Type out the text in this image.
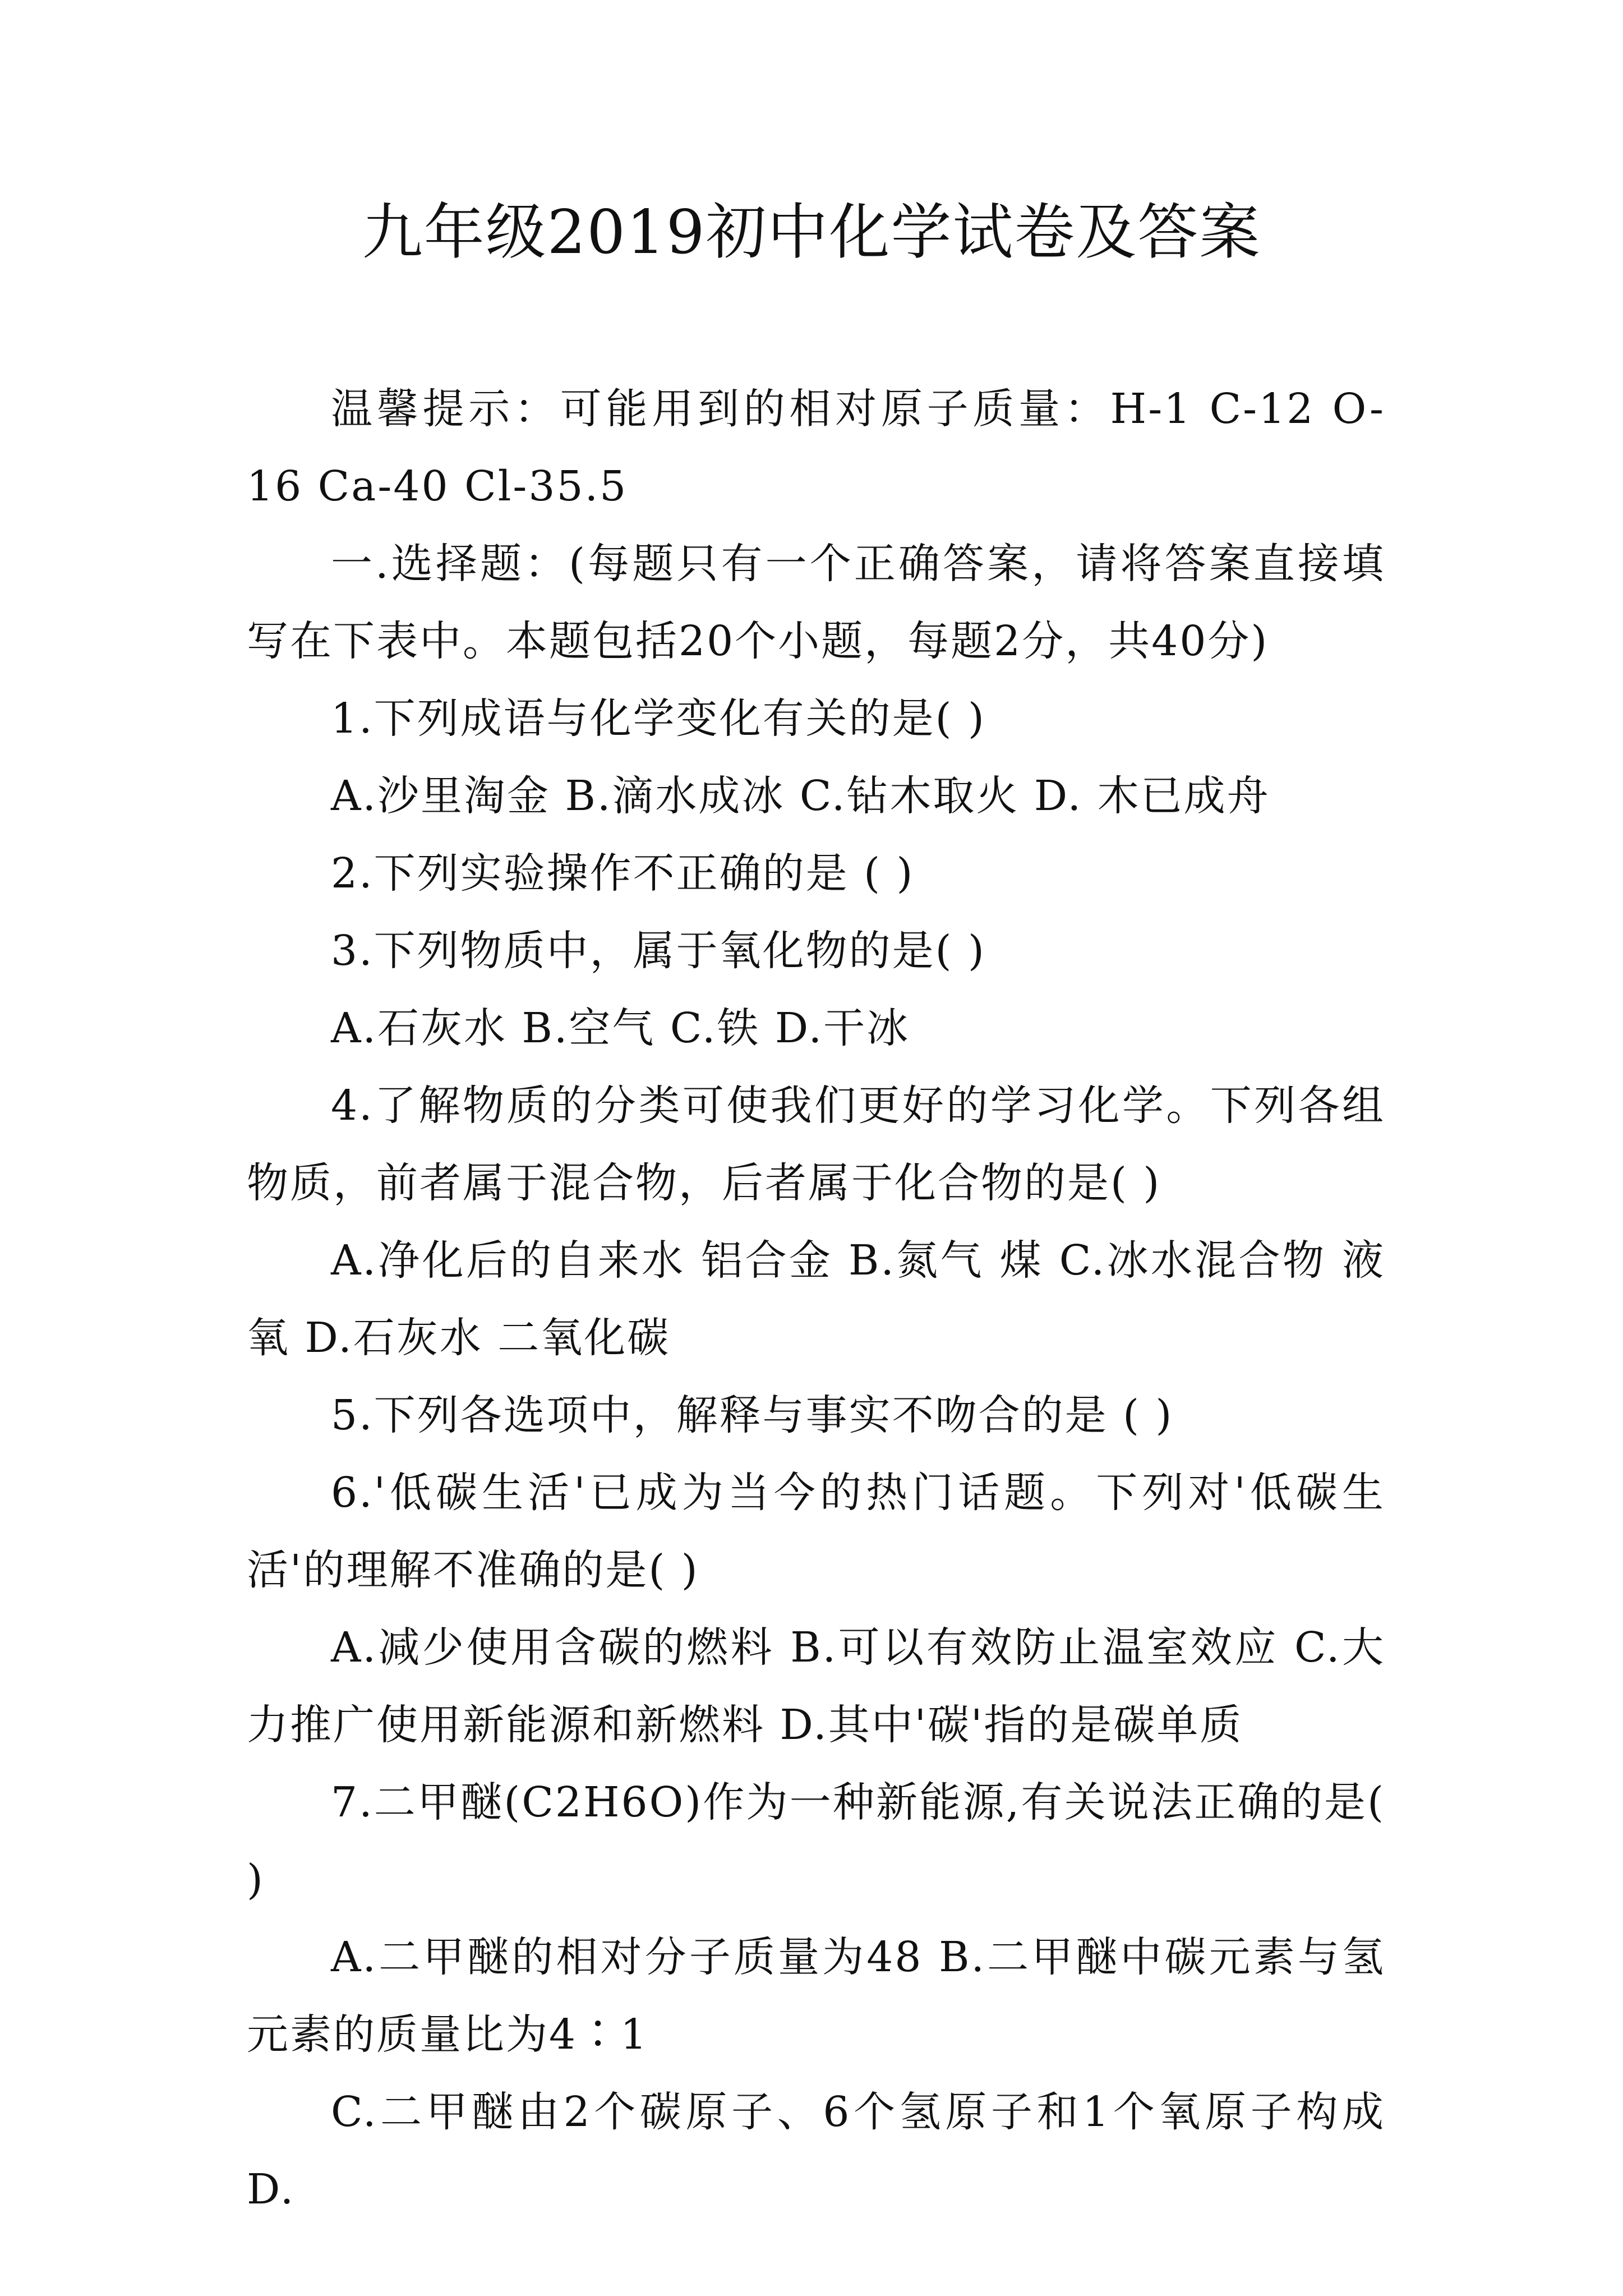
九年级2019初中化学试卷及答案

温馨提示：可能用到的相对原子质量：H-1 C-12 O-16 Ca-40 Cl-35.5

一.选择题：(每题只有一个正确答案，请将答案直接填写在下表中。本题包括20个小题，每题2分，共40分)

1.下列成语与化学变化有关的是( )

A.沙里淘金 B.滴水成冰 C.钻木取火 D. 木已成舟

2.下列实验操作不正确的是 ( )

3.下列物质中，属于氧化物的是( )

A.石灰水 B.空气 C.铁 D.干冰

4.了解物质的分类可使我们更好的学习化学。下列各组物质，前者属于混合物，后者属于化合物的是( )

A.净化后的自来水 铝合金 B.氮气 煤 C.冰水混合物 液氧 D.石灰水 二氧化碳

5.下列各选项中，解释与事实不吻合的是 ( )

6.'低碳生活'已成为当今的热门话题。下列对'低碳生活'的理解不准确的是( )

A.减少使用含碳的燃料 B.可以有效防止温室效应 C.大力推广使用新能源和新燃料 D.其中'碳'指的是碳单质

7.二甲醚(C2H6O)作为一种新能源,有关说法正确的是( )

A.二甲醚的相对分子质量为48 B.二甲醚中碳元素与氢元素的质量比为4∶1

C.二甲醚由2个碳原子、6个氢原子和1个氧原子构成 D.
